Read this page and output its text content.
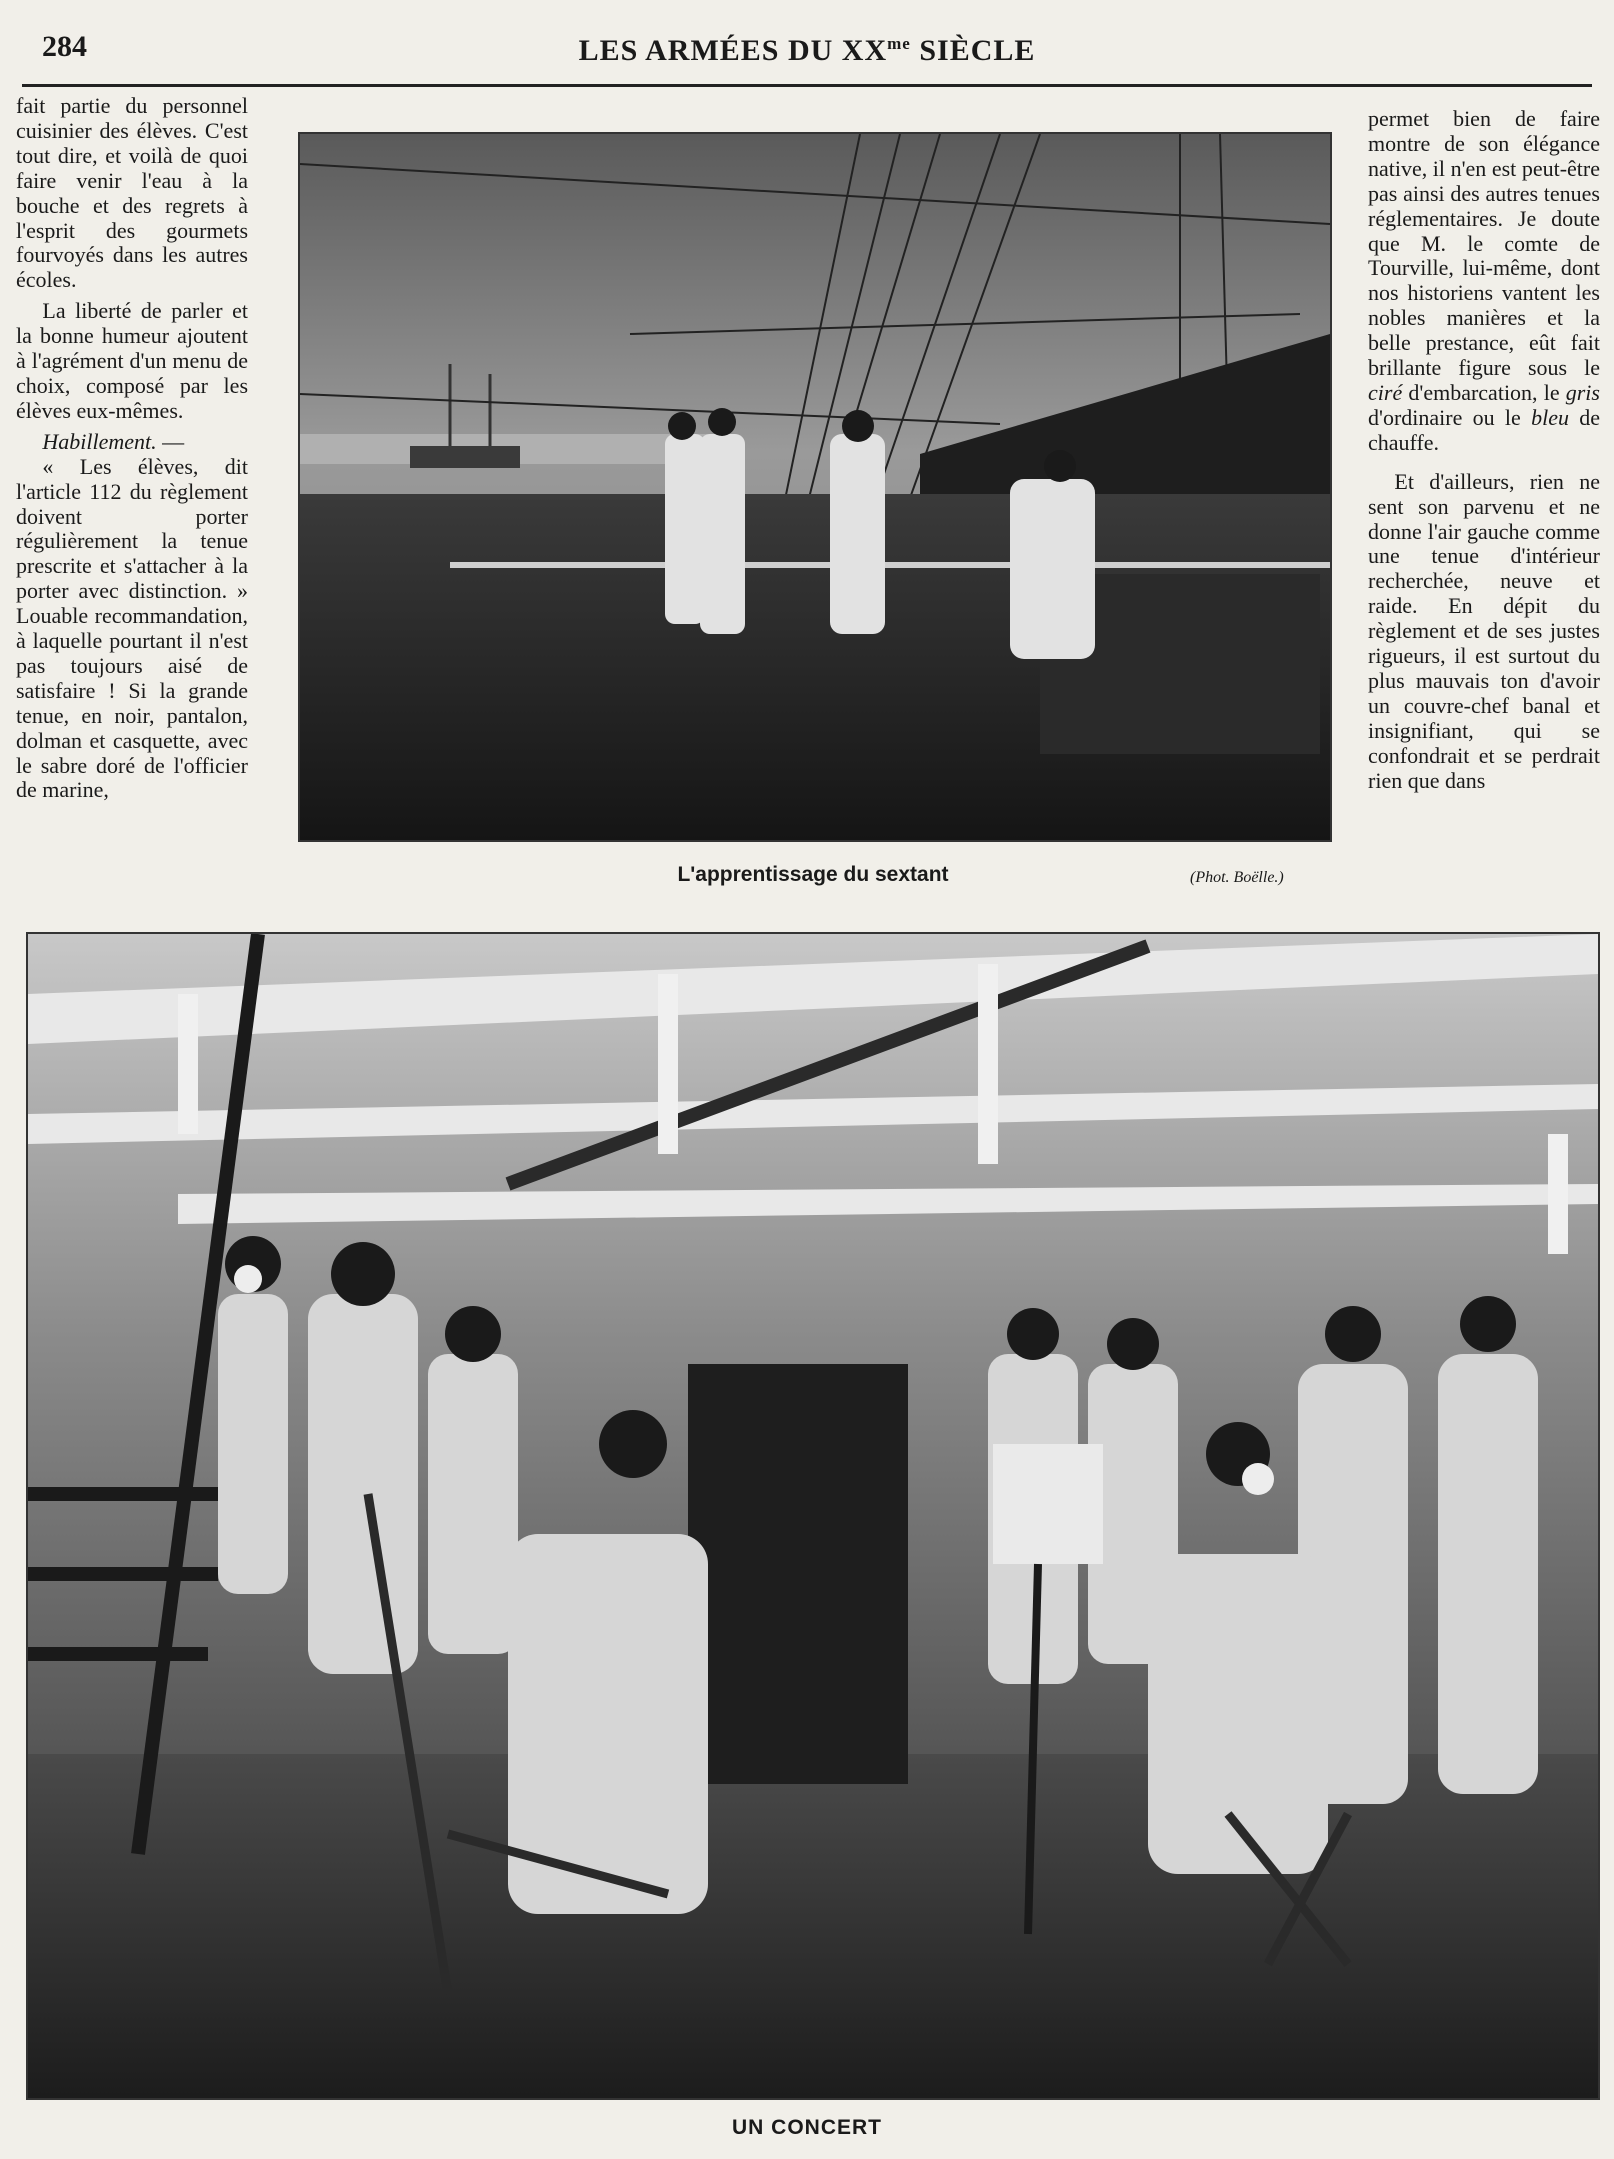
284	LES ARMÉES DU $XX^{me}$ SIÈCLE

fait partie du personnel cuisinier des élèves. C'est tout dire, et voilà de quoi faire venir l'eau à la bouche et des regrets à l'esprit des gourmets fourvoyés dans les autres écoles.

La liberté de parler et la bonne humeur ajoutent à l'agrément d'un menu de choix, composé par les élèves eux-mêmes.

Habillement. —

« Les élèves, dit l'article 112 du règlement doivent porter régulièrement la tenue prescrite et s'attacher à la porter avec distinction. » Louable recommandation, à laquelle pourtant il n'est pas toujours aisé de satisfaire ! Si la grande tenue, en noir, pantalon, dolman et casquette, avec le sabre doré de l'officier de marine,

permet bien de faire montre de son élégance native, il n'en est peut-être pas ainsi des autres tenues réglementaires. Je doute que M. le comte de Tourville, lui-même, dont nos historiens vantent les nobles manières et la belle prestance, eût fait brillante figure sous le ciré d'embarcation, le gris d'ordinaire ou le bleu de chauffe.

Et d'ailleurs, rien ne sent son parvenu et ne donne l'air gauche comme une tenue d'intérieur recherchée, neuve et raide. En dépit du règlement et de ses justes rigueurs, il est surtout du plus mauvais ton d'avoir un couvre-chef banal et insignifiant, qui se confondrait et se perdrait rien que dans

L'apprentissage du sextant	(Phot. Boëlle.)
UN CONCERT
